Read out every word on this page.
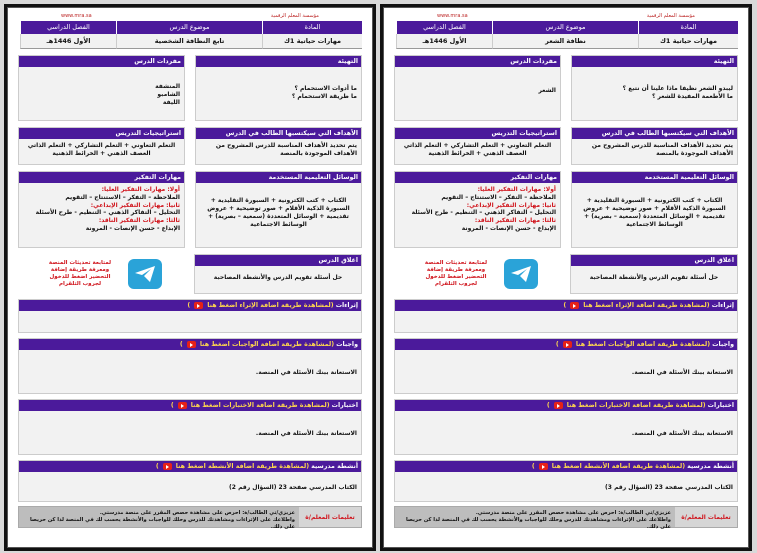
www.mra.sa	مؤسسة المعلم الرقمية
المادة
موضوع الدرس
الفصل الدراسي
مهارات حياتية 1ك
تابع النظافة الشخصية
الأول 1446هـ
التهيئة
ما أدوات الاستحمام ؟
ما طريقة الاستحمام ؟
مفردات الدرس
المنشفة
الشامبو
الليفة
الأهداف التي سيكتسبها الطالب في الدرس
يتم تحديد الأهداف المناسبة للدرس المشروح من الأهداف الموجودة بالمنصة
استراتيجيات التدريس
التعلم التعاوني + التعلم التشاركي + التعلم الذاتي العصف الذهني + الخرائط الذهنية
الوسائل التعليمية المستخدمة
الكتاب + كتب الكترونية + السبورة التقليدية + السبورة الذكية الأقلام + صور توضيحية + عروض تقديمية + الوسائل المتعددة (سمعية – بصرية) + الوسائط الاجتماعية
مهارات التفكير
أولا: مهارات التفكير العليا:
الملاحظة – التفكر – الاستنتاج – التقويم
ثانيا: مهارات التفكير الإبداعي:
التحليل – التفاكر الذهني – التنظيم - طرح الأسئلة
ثالثا: مهارات التفكير الناقد:
الإبداع - حسن الإنصات - المرونة
اغلاق الدرس
حل أسئلة تقويم الدرس والأنشطة المصاحبة
لمتابعة تحديثات المنصة ومعرفة طريقة إضافة التحضير اضغط للدخول لجروب التلقرام
إثراءات
(لمشاهدة طريقة اضافة الإثراء اضغط هنا
)
واجبات
(لمشاهدة طريقة اضافة الواجبات اضغط هنا
)
الاستعانة ببنك الأسئلة في المنصة.
اختبارات
(لمشاهدة طريقة اضافة الاختبارات اضغط هنا
)
الاستعانة ببنك الأسئلة في المنصة.
أنشطة مدرسية
(لمشاهدة طريقة اضافة الأنشطة اضغط هنا
)
الكتاب المدرسي صفحة 23 (السؤال رقم 2)
تعليمات المعلم/ة
عزيزي/تي الطالب/ة: احرص على مشاهدة حصص المقرر على منصة مدرستي.
واطلاعك على الإثراءات ومشاهدتك للدرس وحلك للواجبات والأنشطة يحسب لك في المنصة لذا كن حريصا على ذلك.
www.mra.sa	مؤسسة المعلم الرقمية
المادة
موضوع الدرس
الفصل الدراسي
مهارات حياتية 1ك
نظافة الشعر
الأول 1446هـ
التهيئة
ليبدو الشعر نظيفا ماذا علينا أن نتبع ؟
ما الأطعمة المفيدة للشعر ؟
مفردات الدرس
الشعر
الأهداف التي سيكتسبها الطالب في الدرس
يتم تحديد الأهداف المناسبة للدرس المشروح من الأهداف الموجودة بالمنصة
استراتيجيات التدريس
التعلم التعاوني + التعلم التشاركي + التعلم الذاتي العصف الذهني + الخرائط الذهنية
الوسائل التعليمية المستخدمة
الكتاب + كتب الكترونية + السبورة التقليدية + السبورة الذكية الأقلام + صور توضيحية + عروض تقديمية + الوسائل المتعددة (سمعية – بصرية) + الوسائط الاجتماعية
مهارات التفكير
أولا: مهارات التفكير العليا:
الملاحظة – التفكر – الاستنتاج – التقويم
ثانيا: مهارات التفكير الإبداعي:
التحليل – التفاكر الذهني – التنظيم - طرح الأسئلة
ثالثا: مهارات التفكير الناقد:
الإبداع - حسن الإنصات - المرونة
اغلاق الدرس
حل أسئلة تقويم الدرس والأنشطة المصاحبة
لمتابعة تحديثات المنصة ومعرفة طريقة إضافة التحضير اضغط للدخول لجروب التلقرام
إثراءات
(لمشاهدة طريقة اضافة الإثراء اضغط هنا
)
واجبات
(لمشاهدة طريقة اضافة الواجبات اضغط هنا
)
الاستعانة ببنك الأسئلة في المنصة.
اختبارات
(لمشاهدة طريقة اضافة الاختبارات اضغط هنا
)
الاستعانة ببنك الأسئلة في المنصة.
أنشطة مدرسية
(لمشاهدة طريقة اضافة الأنشطة اضغط هنا
)
الكتاب المدرسي صفحة 23 (السؤال رقم 3)
تعليمات المعلم/ة
عزيزي/تي الطالب/ة: احرص على مشاهدة حصص المقرر على منصة مدرستي.
واطلاعك على الإثراءات ومشاهدتك للدرس وحلك للواجبات والأنشطة يحسب لك في المنصة لذا كن حريصا على ذلك.
